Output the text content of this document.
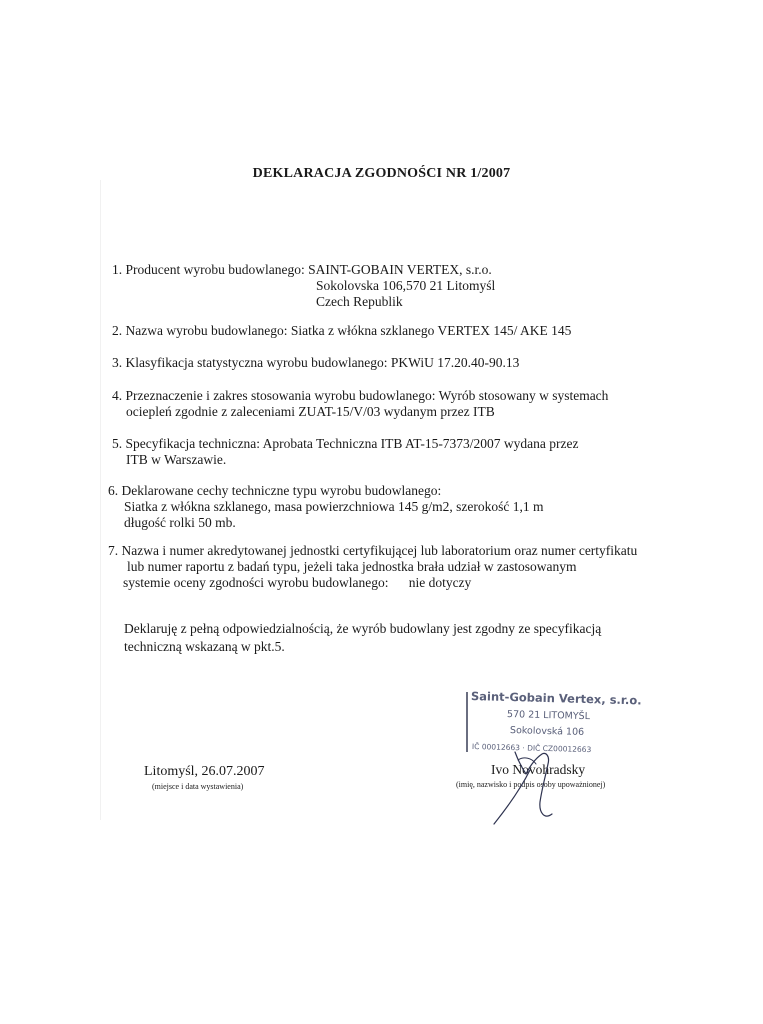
DEKLARACJA ZGODNOŚCI NR 1/2007
1. Producent wyrobu budowlanego: SAINT-GOBAIN VERTEX, s.r.o.
Sokolovska 106,570 21 Litomyśl
Czech Republik
2. Nazwa wyrobu budowlanego: Siatka z włókna szklanego VERTEX 145/ AKE 145
3. Klasyfikacja statystyczna wyrobu budowlanego: PKWiU 17.20.40-90.13
4. Przeznaczenie i zakres stosowania wyrobu budowlanego: Wyrób stosowany w systemach
ociepleń zgodnie z zaleceniami ZUAT-15/V/03 wydanym przez ITB
5. Specyfikacja techniczna: Aprobata Techniczna ITB AT-15-7373/2007 wydana przez
ITB w Warszawie.
6. Deklarowane cechy techniczne typu wyrobu budowlanego:
Siatka z włókna szklanego, masa powierzchniowa 145 g/m2, szerokość 1,1 m
długość rolki 50 mb.
7. Nazwa i numer akredytowanej jednostki certyfikującej lub laboratorium oraz numer certyfikatu
lub numer raportu z badań typu, jeżeli taka jednostka brała udział w zastosowanym
systemie oceny zgodności wyrobu budowlanego:      nie dotyczy
Deklaruję z pełną odpowiedzialnością, że wyrób budowlany jest zgodny ze specyfikacją
techniczną wskazaną w pkt.5.
Saint-Gobain Vertex, s.r.o.
570 21 LITOMYŠL
Sokolovská 106
IČ 00012663 · DIČ CZ00012663
Litomyśl, 26.07.2007
(miejsce i data wystawienia)
Ivo Novohradsky
(imię, nazwisko i podpis osoby upoważnionej)
